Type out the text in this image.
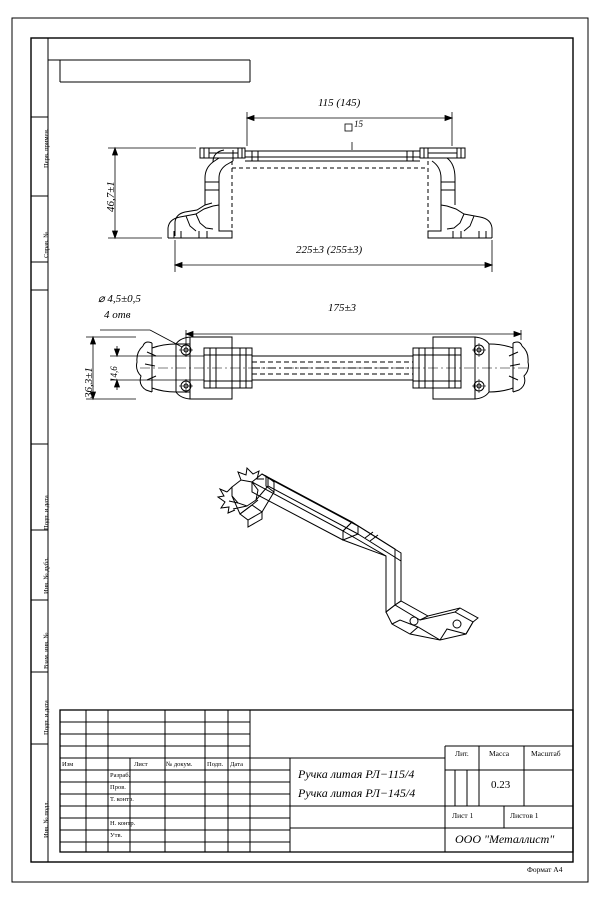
Перв. примен.
Справ. №
Подп. и дата
Инв. № дубл.
Взам. инв. №
Подп. и дата
Инв. № подл.
115 (145)
15
46,7±1
225±3 (255±3)
⌀ 4,5±0,5
4 отв
175±3
36,3±1 14,6
Изм	Лист	№ докум. Подп. Дата
Разраб.
Пров.
Т. контр.
Н. контр.
Утв.
Ручка литая РЛ−115/4
Ручка литая РЛ−145/4
Лит.	Масса	Масштаб
0.23
Лист 1	Листов 1
ООО "Металлист"
Формат А4
